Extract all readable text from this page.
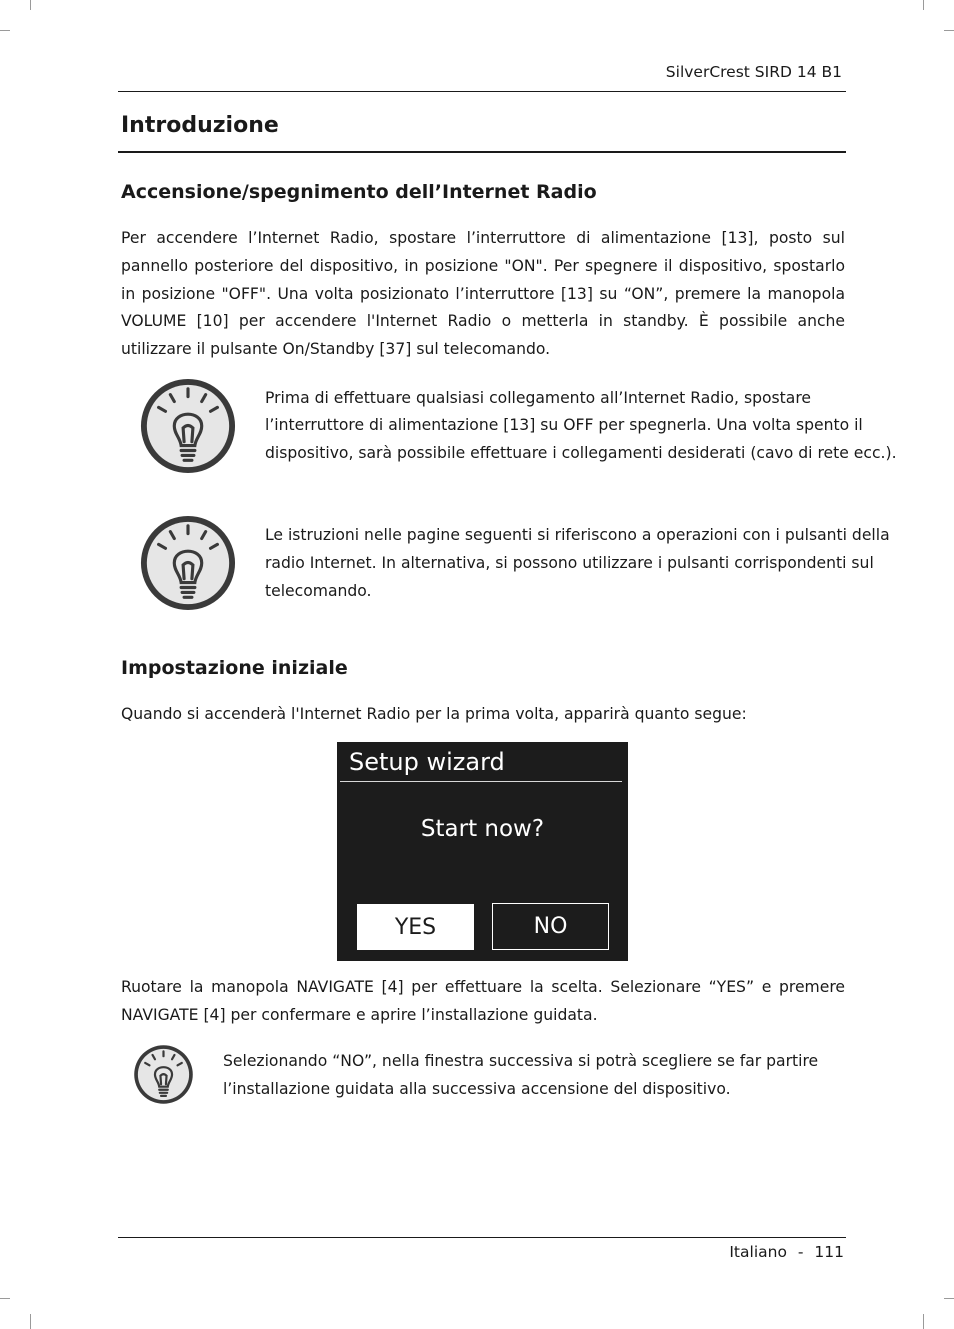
SilverCrest SIRD 14 B1
Introduzione
Accensione/spegnimento dell’Internet Radio

Per accendere l’Internet Radio, spostare l’interruttore di alimentazione [13], posto sul pannello posteriore del dispositivo, in posizione "ON". Per spegnere il dispositivo, spostarlo in posizione "OFF". Una volta posizionato l’interruttore [13] su “ON”, premere la manopola VOLUME [10] per accendere l'Internet Radio o metterla in standby. È possibile anche utilizzare il pulsante On/Standby [37] sul telecomando.

Prima di effettuare qualsiasi collegamento all’Internet Radio, spostare

l’interruttore di alimentazione [13] su OFF per spegnerla. Una volta spento il

dispositivo, sarà possibile effettuare i collegamenti desiderati (cavo di rete ecc.).

Le istruzioni nelle pagine seguenti si riferiscono a operazioni con i pulsanti della

radio Internet. In alternativa, si possono utilizzare i pulsanti corrispondenti sul

telecomando.

Impostazione iniziale

Quando si accenderà l'Internet Radio per la prima volta, apparirà quanto segue:

Setup wizard
Start now?
YES	NO

Ruotare la manopola NAVIGATE [4] per effettuare la scelta. Selezionare “YES” e premere NAVIGATE [4] per confermare e aprire l’installazione guidata.

Selezionando “NO”, nella finestra successiva si potrà scegliere se far partire

l’installazione guidata alla successiva accensione del dispositivo.

Italiano - 111
